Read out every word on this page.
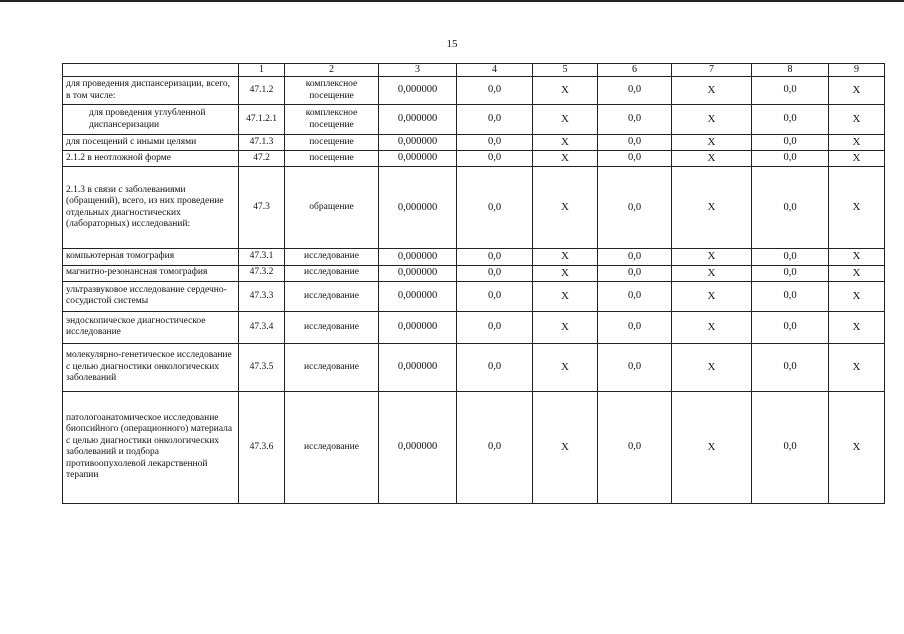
15
	1	2	3	4	5	6	7	8	9
для проведения диспансеризации, всего, в том числе:	47.1.2	комплексное посещение	0,000000	0,0	X	0,0	X	0,0	X
для проведения углубленной диспансеризации	47.1.2.1	комплексное посещение	0,000000	0,0	X	0,0	X	0,0	X
для посещений с иными целями	47.1.3	посещение	0,000000	0,0	X	0,0	X	0,0	X
2.1.2 в неотложной форме	47.2	посещение	0,000000	0,0	X	0,0	X	0,0	X
2.1.3 в связи с заболеваниями (обращений), всего, из них проведение отдельных диагностических (лабораторных) исследований:	47.3	обращение	0,000000	0,0	X	0,0	X	0,0	X
компьютерная томография	47.3.1	исследование	0,000000	0,0	X	0,0	X	0,0	X
магнитно-резонансная томография	47.3.2	исследование	0,000000	0,0	X	0,0	X	0,0	X
ультразвуковое исследование сердечно-сосудистой системы	47.3.3	исследование	0,000000	0,0	X	0,0	X	0,0	X
эндоскопическое диагностическое исследование	47.3.4	исследование	0,000000	0,0	X	0,0	X	0,0	X
молекулярно-генетическое исследование с целью диагностики онкологических заболеваний	47.3.5	исследование	0,000000	0,0	X	0,0	X	0,0	X
патологоанатомическое исследование биопсийного (операционного) материала с целью диагностики онкологических заболеваний и подбора противоопухолевой лекарственной терапии	47.3.6	исследование	0,000000	0,0	X	0,0	X	0,0	X
